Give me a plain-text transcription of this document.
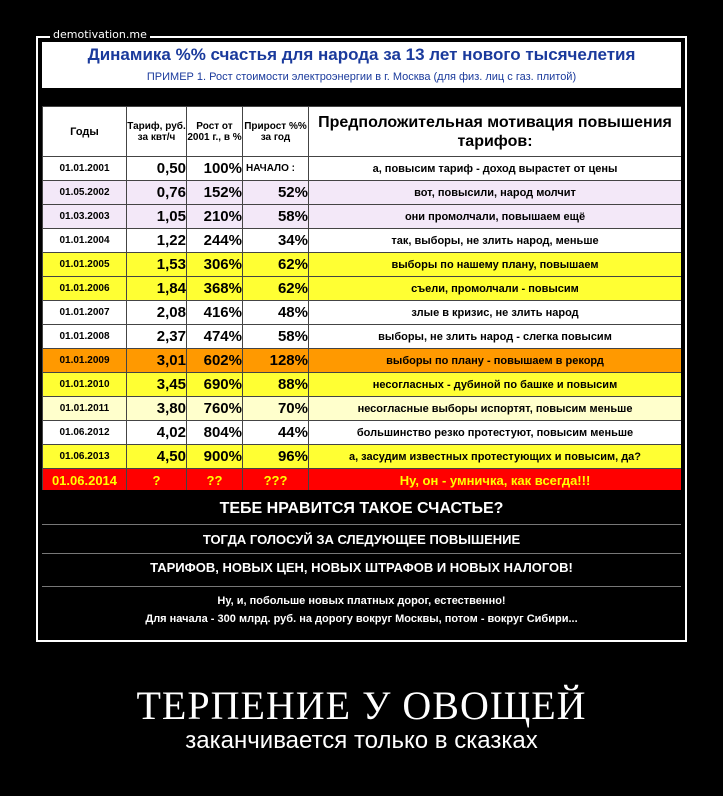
demotivation.me
Динамика %% счастья для народа за 13 лет нового тысячелетия
ПРИМЕР 1. Рост стоимости электроэнергии в г. Москва (для физ. лиц с газ. плитой)
Годы	Тариф, руб. за квт/ч	Рост от 2001 г., в %	Прирост %% за год	Предположительная мотивация повышения тарифов:
01.01.2001	0,50	100%	НАЧАЛО :	а, повысим тариф - доход вырастет от цены
01.05.2002	0,76	152%	52%	вот, повысили, народ молчит
01.03.2003	1,05	210%	58%	они промолчали, повышаем ещё
01.01.2004	1,22	244%	34%	так, выборы, не злить народ, меньше
01.01.2005	1,53	306%	62%	выборы по нашему плану, повышаем
01.01.2006	1,84	368%	62%	съели, промолчали - повысим
01.01.2007	2,08	416%	48%	злые в кризис, не злить народ
01.01.2008	2,37	474%	58%	выборы, не злить народ - слегка повысим
01.01.2009	3,01	602%	128%	выборы по плану - повышаем в рекорд
01.01.2010	3,45	690%	88%	несогласных - дубиной по башке и повысим
01.01.2011	3,80	760%	70%	несогласные выборы испортят, повысим меньше
01.06.2012	4,02	804%	44%	большинство резко протестуют, повысим меньше
01.06.2013	4,50	900%	96%	а, засудим известных протестующих и повысим, да?
01.06.2014	?	??	???	Ну, он - умничка, как всегда!!!
ТЕБЕ НРАВИТСЯ ТАКОЕ СЧАСТЬЕ?
ТОГДА ГОЛОСУЙ ЗА СЛЕДУЮЩЕЕ ПОВЫШЕНИЕ
ТАРИФОВ, НОВЫХ ЦЕН, НОВЫХ ШТРАФОВ И НОВЫХ НАЛОГОВ!
Ну, и, побольше новых платных дорог, естественно!
Для начала - 300 млрд. руб. на дорогу вокруг Москвы, потом - вокруг Сибири...
ТЕРПЕНИЕ У ОВОЩЕЙ
заканчивается только в сказках
